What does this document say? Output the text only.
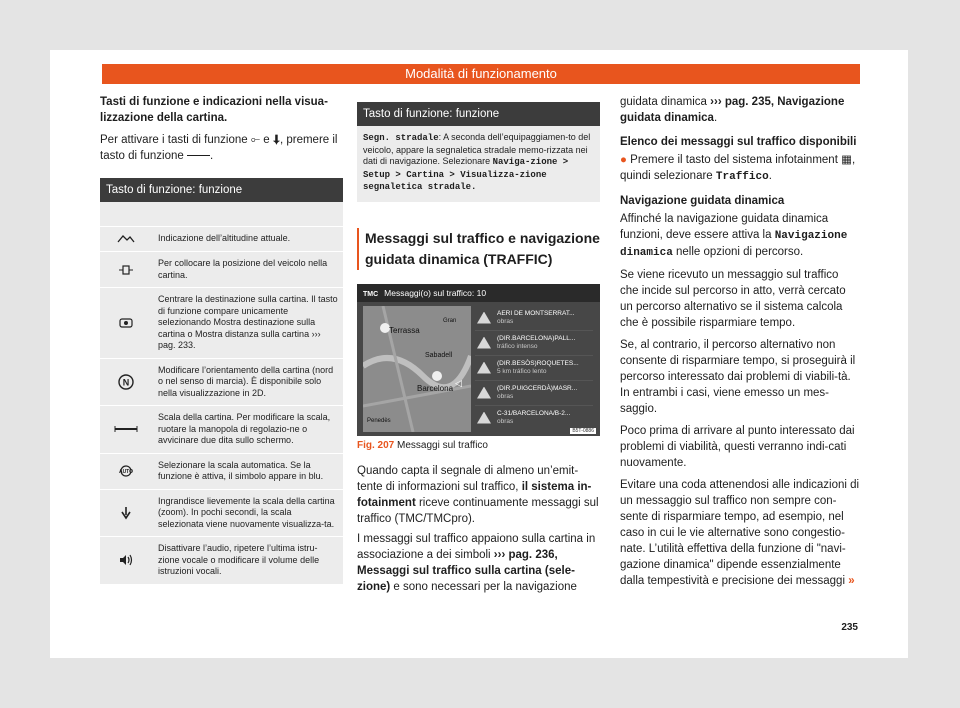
Modalità di funzionamento
Tasti di funzione e indicazioni nella visua-lizzazione della cartina.
Per attivare i tasti di funzione ⟜ e ⬇, premere il tasto di funzione ━━.
Tasto di funzione: funzione
Indicazione dell’altitudine attuale.
Per collocare la posizione del veicolo nella cartina.
Centrare la destinazione sulla cartina. Il tasto di funzione compare unicamente selezionando Mostra destinazione sulla cartina o Mostra distanza sulla cartina ››› pag. 233.
N
Modificare l’orientamento della cartina (nord o nel senso di marcia). È disponibile solo nella visualizzazione in 2D.
Scala della cartina. Per modificare la scala, ruotare la manopola di regolazio-ne o avvicinare due dita sullo schermo.
AUTO
Selezionare la scala automatica. Se la funzione è attiva, il simbolo appare in blu.
Ingrandisce lievemente la scala della cartina (zoom). In pochi secondi, la scala selezionata viene nuovamente visualizza-ta.
Disattivare l’audio, ripetere l’ultima istru-zione vocale o modificare il volume delle istruzioni vocali.
Tasto di funzione: funzione
Segn. stradale: A seconda dell’equipaggiamen-to del veicolo, appare la segnaletica stradale memo-rizzata nei dati di navigazione. Selezionare Naviga-zione > Setup > Cartina > Visualizza-zione segnaletica stradale.
Messaggi sul traffico e navigazione guidata dinamica (TRAFFIC)
TMC Messaggi(o) sul traffico: 10
Terrassa
Gran
Sabadell
Barcelona
Penedès
◁
AERI DE MONTSERRAT...
obras
(DIR.BARCELONA)PALL...
tráfico intenso
(DIR.BESÒS)ROQUETES...
5 km tráfico lento
(DIR.PUIGCERDÀ)MASR...
obras
C-31/BARCELONA/B-2...
obras
B5T-0886
Fig. 207 Messaggi sul traffico

Quando capta il segnale di almeno un’emit-tente di informazioni sul traffico, il sistema in-fotainment riceve continuamente messaggi sul traffico (TMC/TMCpro).

I messaggi sul traffico appaiono sulla cartina in associazione a dei simboli ››› pag. 236, Messaggi sul traffico sulla cartina (sele-zione) e sono necessari per la navigazione

guidata dinamica ››› pag. 235, Navigazione guidata dinamica.

Elenco dei messaggi sul traffico disponibili

● Premere il tasto del sistema infotainment ▦, quindi selezionare Traffico.

Navigazione guidata dinamica

Affinché la navigazione guidata dinamica funzioni, deve essere attiva la Navigazione dinamica nelle opzioni di percorso.

Se viene ricevuto un messaggio sul traffico che incide sul percorso in atto, verrà cercato un percorso alternativo se il sistema calcola che è possibile risparmiare tempo.

Se, al contrario, il percorso alternativo non consente di risparmiare tempo, si proseguirà il percorso interessato dai problemi di viabili-tà. In entrambi i casi, viene emesso un mes-saggio.

Poco prima di arrivare al punto interessato dai problemi di viabilità, questi verranno indi-cati nuovamente.

Evitare una coda attenendosi alle indicazioni di un messaggio sul traffico non sempre con-sente di risparmiare tempo, ad esempio, nel caso in cui le vie alternative sono congestio-nate. L’utilità effettiva della funzione di "navi-gazione dinamica" dipende essenzialmente dalla tempestività e precisione dei messaggi »

235
